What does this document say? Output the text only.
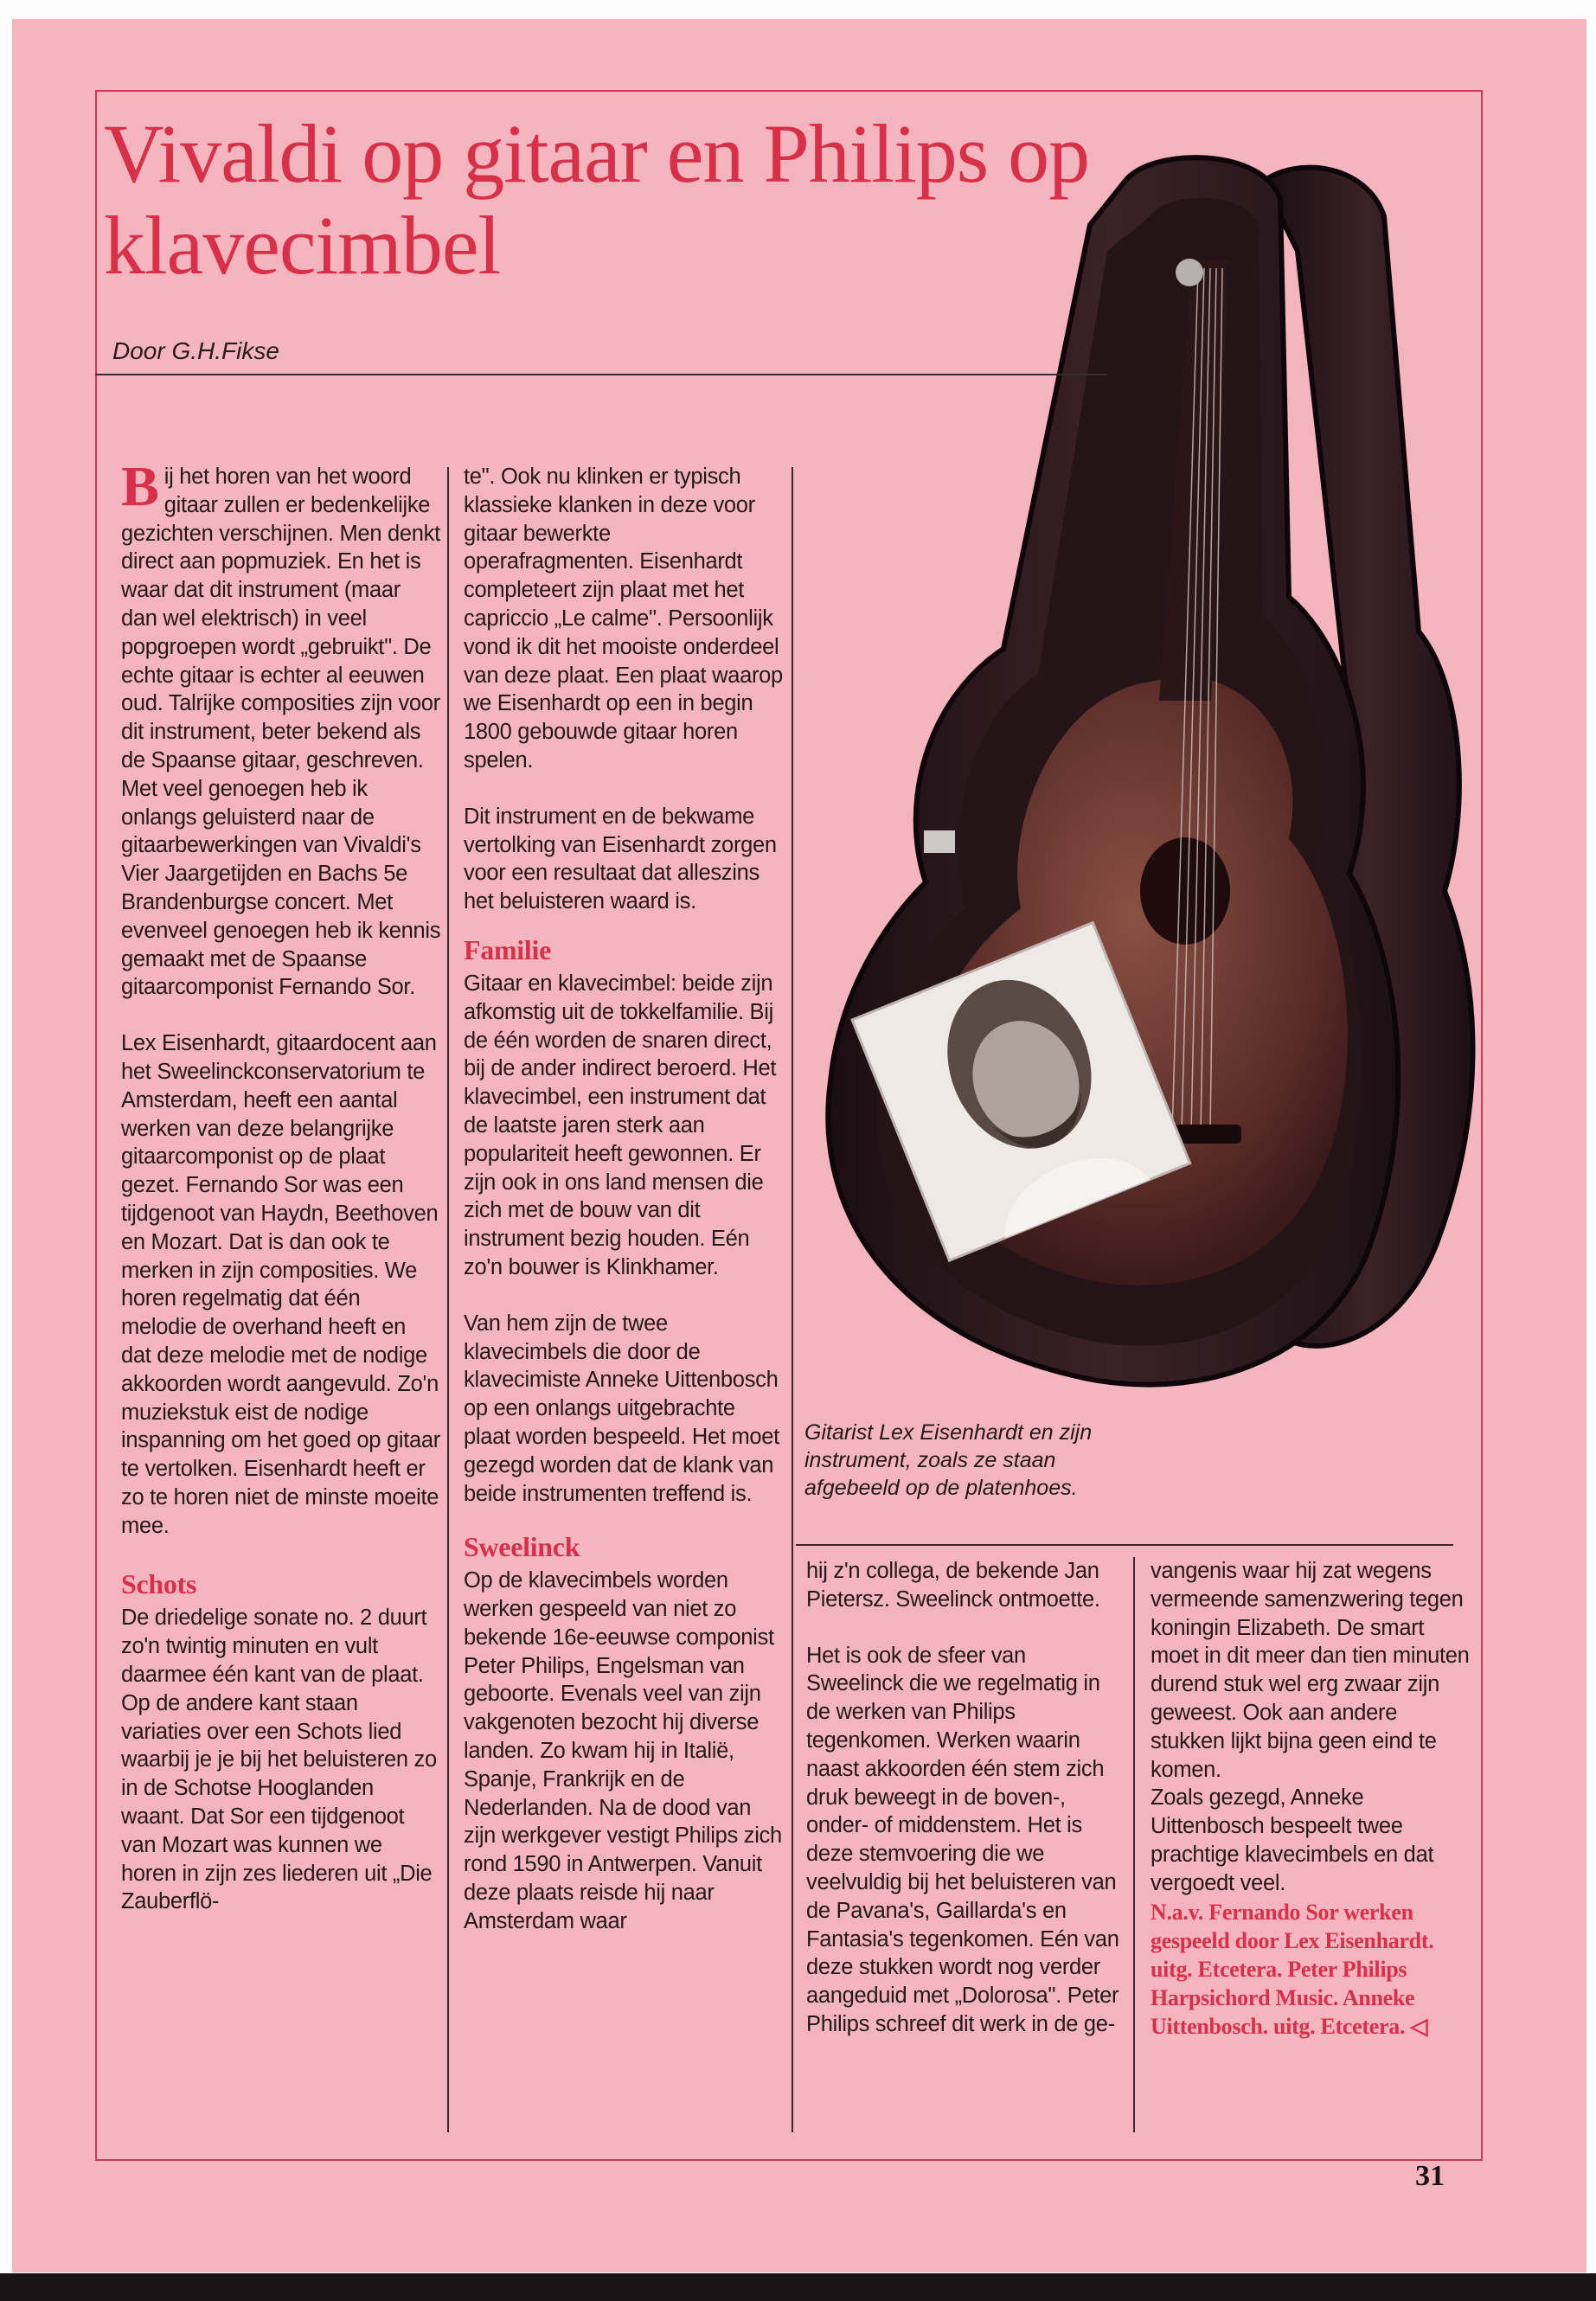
Vivaldi op gitaar en Philips op klavecimbel

Door G.H.Fikse

Bij het horen van het woord gitaar zullen er bedenkelijke gezichten verschijnen. Men denkt direct aan popmuziek. En het is waar dat dit instrument (maar dan wel elektrisch) in veel popgroepen wordt „gebruikt". De echte gitaar is echter al eeuwen oud. Talrijke composities zijn voor dit instrument, beter bekend als de Spaanse gitaar, geschreven. Met veel genoegen heb ik onlangs geluisterd naar de gitaarbewerkingen van Vivaldi's Vier Jaargetijden en Bachs 5e Brandenburgse concert. Met evenveel genoegen heb ik kennis gemaakt met de Spaanse gitaarcomponist Fernando Sor.

Lex Eisenhardt, gitaardocent aan het Sweelinckconservatorium te Amsterdam, heeft een aantal werken van deze belangrijke gitaarcomponist op de plaat gezet. Fernando Sor was een tijdgenoot van Haydn, Beethoven en Mozart. Dat is dan ook te merken in zijn composities. We horen regelmatig dat één melodie de overhand heeft en dat deze melodie met de nodige akkoorden wordt aangevuld. Zo'n muziekstuk eist de nodige inspanning om het goed op gitaar te vertolken. Eisenhardt heeft er zo te horen niet de minste moeite mee.

Schots

De driedelige sonate no. 2 duurt zo'n twintig minuten en vult daarmee één kant van de plaat. Op de andere kant staan variaties over een Schots lied waarbij je je bij het beluisteren zo in de Schotse Hooglanden waant. Dat Sor een tijdgenoot van Mozart was kunnen we horen in zijn zes liederen uit „Die Zauberflö-

te". Ook nu klinken er typisch klassieke klanken in deze voor gitaar bewerkte operafragmenten. Eisenhardt completeert zijn plaat met het capriccio „Le calme". Persoonlijk vond ik dit het mooiste onderdeel van deze plaat. Een plaat waarop we Eisenhardt op een in begin 1800 gebouwde gitaar horen spelen.

Dit instrument en de bekwame vertolking van Eisenhardt zorgen voor een resultaat dat alleszins het beluisteren waard is.

Familie

Gitaar en klavecimbel: beide zijn afkomstig uit de tokkelfamilie. Bij de één worden de snaren direct, bij de ander indirect beroerd. Het klavecimbel, een instrument dat de laatste jaren sterk aan populariteit heeft gewonnen. Er zijn ook in ons land mensen die zich met de bouw van dit instrument bezig houden. Eén zo'n bouwer is Klinkhamer.

Van hem zijn de twee klavecimbels die door de klavecimiste Anneke Uittenbosch op een onlangs uitgebrachte plaat worden bespeeld. Het moet gezegd worden dat de klank van beide instrumenten treffend is.

Sweelinck

Op de klavecimbels worden werken gespeeld van niet zo bekende 16e-eeuwse componist Peter Philips, Engelsman van geboorte. Evenals veel van zijn vakgenoten bezocht hij diverse landen. Zo kwam hij in Italië, Spanje, Frankrijk en de Nederlanden. Na de dood van zijn werkgever vestigt Philips zich rond 1590 in Antwerpen. Vanuit deze plaats reisde hij naar Amsterdam waar

Gitarist Lex Eisenhardt en zijn instrument, zoals ze staan afgebeeld op de platenhoes.

hij z'n collega, de bekende Jan Pietersz. Sweelinck ontmoette.

Het is ook de sfeer van Sweelinck die we regelmatig in de werken van Philips tegenkomen. Werken waarin naast akkoorden één stem zich druk beweegt in de boven-, onder- of middenstem. Het is deze stemvoering die we veelvuldig bij het beluisteren van de Pavana's, Gaillarda's en Fantasia's tegenkomen. Eén van deze stukken wordt nog verder aangeduid met „Dolorosa". Peter Philips schreef dit werk in de ge-

vangenis waar hij zat wegens vermeende samenzwering tegen koningin Elizabeth. De smart moet in dit meer dan tien minuten durend stuk wel erg zwaar zijn geweest. Ook aan andere stukken lijkt bijna geen eind te komen.

Zoals gezegd, Anneke Uittenbosch bespeelt twee prachtige klavecimbels en dat vergoedt veel.

N.a.v. Fernando Sor werken gespeeld door Lex Eisenhardt. uitg. Etcetera. Peter Philips Harpsichord Music. Anneke Uittenbosch. uitg. Etcetera. ◁

31
